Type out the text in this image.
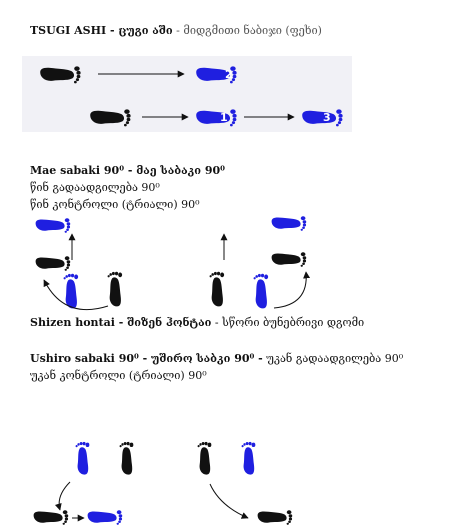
TSUGI ASHI - ცუგი აში - მიდგმითი ნაბიჯი (ფეხი)
Mae sabaki 90⁰ - მაე საბაკი 90⁰
წინ გადაადგილება 90⁰
წინ კონტროლი (ტრიალი) 90⁰
Shizen hontai - შიზენ ჰონტაი - სწორი ბუნებრივი დგომი
Ushiro sabaki 90⁰ - უშირო საბკი 90⁰ - უკან გადაადგილება 90⁰
უკან კონტროლი (ტრიალი) 90⁰
2
1	3
